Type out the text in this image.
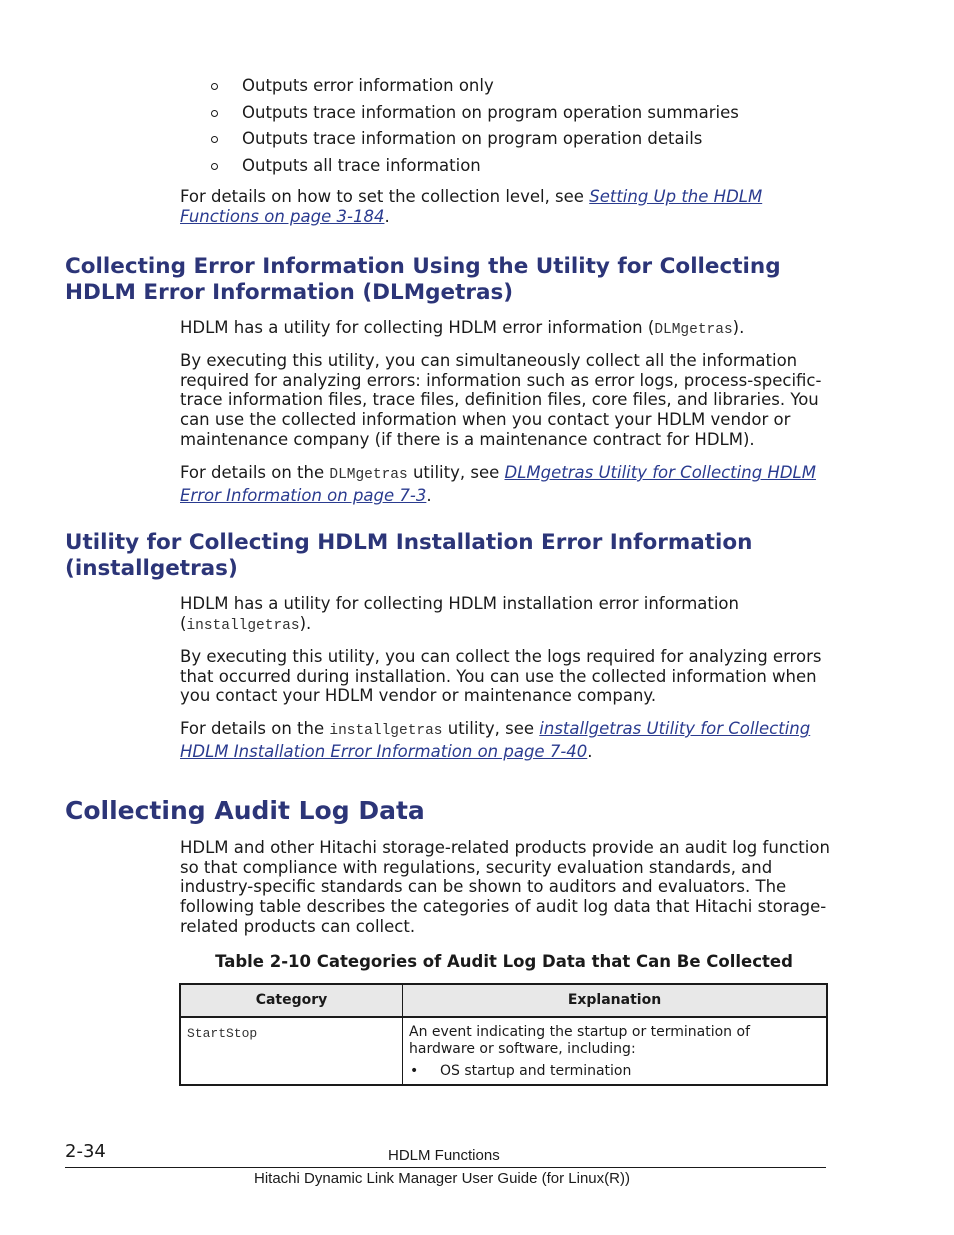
Outputs error information only
Outputs trace information on program operation summaries
Outputs trace information on program operation details
Outputs all trace information

For details on how to set the collection level, see Setting Up the HDLM Functions on page 3-184.

Collecting Error Information Using the Utility for Collecting HDLM Error Information (DLMgetras)

HDLM has a utility for collecting HDLM error information (DLMgetras).

By executing this utility, you can simultaneously collect all the information required for analyzing errors: information such as error logs, process-specific-trace information files, trace files, definition files, core files, and libraries. You can use the collected information when you contact your HDLM vendor or maintenance company (if there is a maintenance contract for HDLM).

For details on the DLMgetras utility, see DLMgetras Utility for Collecting HDLM Error Information on page 7-3.

Utility for Collecting HDLM Installation Error Information (installgetras)

HDLM has a utility for collecting HDLM installation error information (installgetras).

By executing this utility, you can collect the logs required for analyzing errors that occurred during installation. You can use the collected information when you contact your HDLM vendor or maintenance company.

For details on the installgetras utility, see installgetras Utility for Collecting HDLM Installation Error Information on page 7-40.

Collecting Audit Log Data

HDLM and other Hitachi storage-related products provide an audit log function so that compliance with regulations, security evaluation standards, and industry-specific standards can be shown to auditors and evaluators. The following table describes the categories of audit log data that Hitachi storage-related products can collect.

Table 2-10 Categories of Audit Log Data that Can Be Collected
Category	Explanation
StartStop	An event indicating the startup or termination of hardware or software, including:
• OS startup and termination
2-34	HDLM Functions
Hitachi Dynamic Link Manager User Guide (for Linux(R))
